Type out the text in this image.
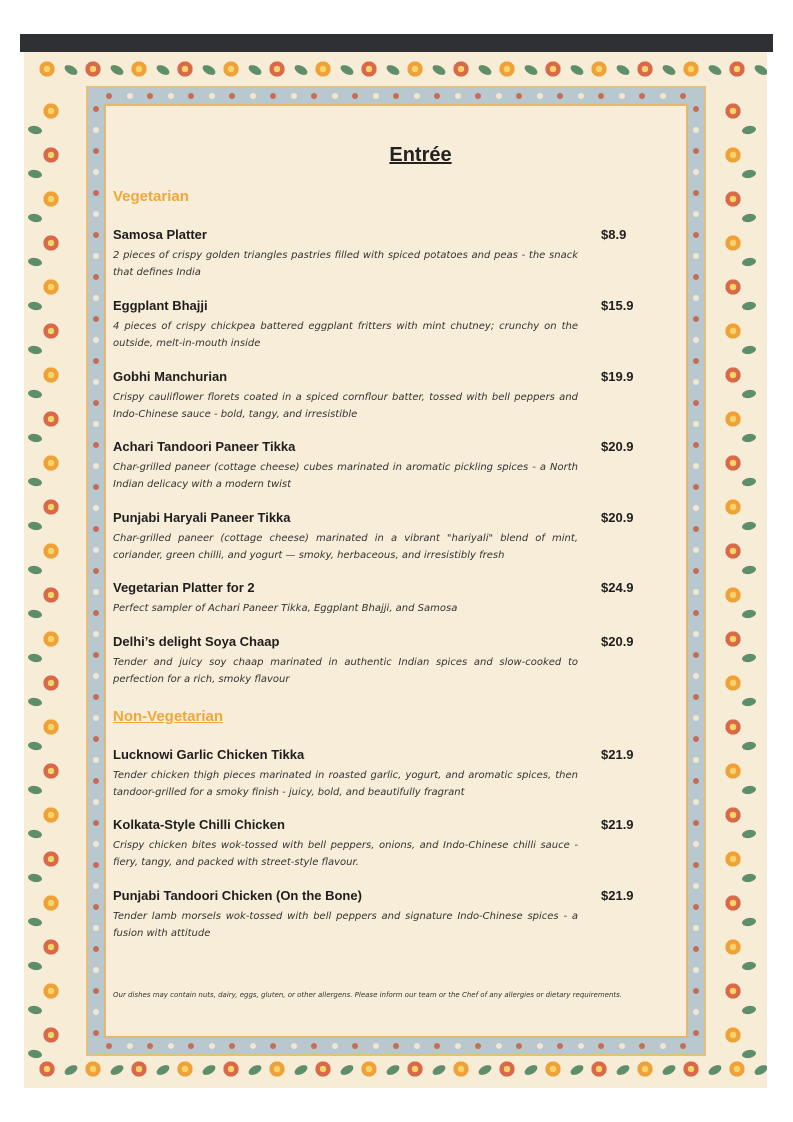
Entrée
Vegetarian
Samosa Platter
2 pieces of crispy golden triangles pastries filled with spiced potatoes and peas - the snack that defines India
$8.9
Eggplant Bhajji
4 pieces of crispy chickpea battered eggplant fritters with mint chutney; crunchy on the outside, melt-in-mouth inside
$15.9
Gobhi Manchurian
Crispy cauliflower florets coated in a spiced cornflour batter, tossed with bell peppers and Indo-Chinese sauce - bold, tangy, and irresistible
$19.9
Achari Tandoori Paneer Tikka
Char-grilled paneer (cottage cheese) cubes marinated in aromatic pickling spices - a North Indian delicacy with a modern twist
$20.9
Punjabi Haryali Paneer Tikka
Char-grilled paneer (cottage cheese) marinated in a vibrant "hariyali" blend of mint, coriander, green chilli, and yogurt — smoky, herbaceous, and irresistibly fresh
$20.9
Vegetarian Platter for 2
Perfect sampler of Achari Paneer Tikka, Eggplant Bhajji, and Samosa
$24.9
Delhi’s delight Soya Chaap
Tender and juicy soy chaap marinated in authentic Indian spices and slow-cooked to perfection for a rich, smoky flavour
$20.9
Non-Vegetarian
Lucknowi Garlic Chicken Tikka
Tender chicken thigh pieces marinated in roasted garlic, yogurt, and aromatic spices, then tandoor-grilled for a smoky finish - juicy, bold, and beautifully fragrant
$21.9
Kolkata-Style Chilli Chicken
Crispy chicken bites wok-tossed with bell peppers, onions, and Indo-Chinese chilli sauce - fiery, tangy, and packed with street-style flavour.
$21.9
Punjabi Tandoori Chicken (On the Bone)
Tender lamb morsels wok-tossed with bell peppers and signature Indo-Chinese spices - a fusion with attitude
$21.9
Our dishes may contain nuts, dairy, eggs, gluten, or other allergens. Please inform our team or the Chef of any allergies or dietary requirements.
